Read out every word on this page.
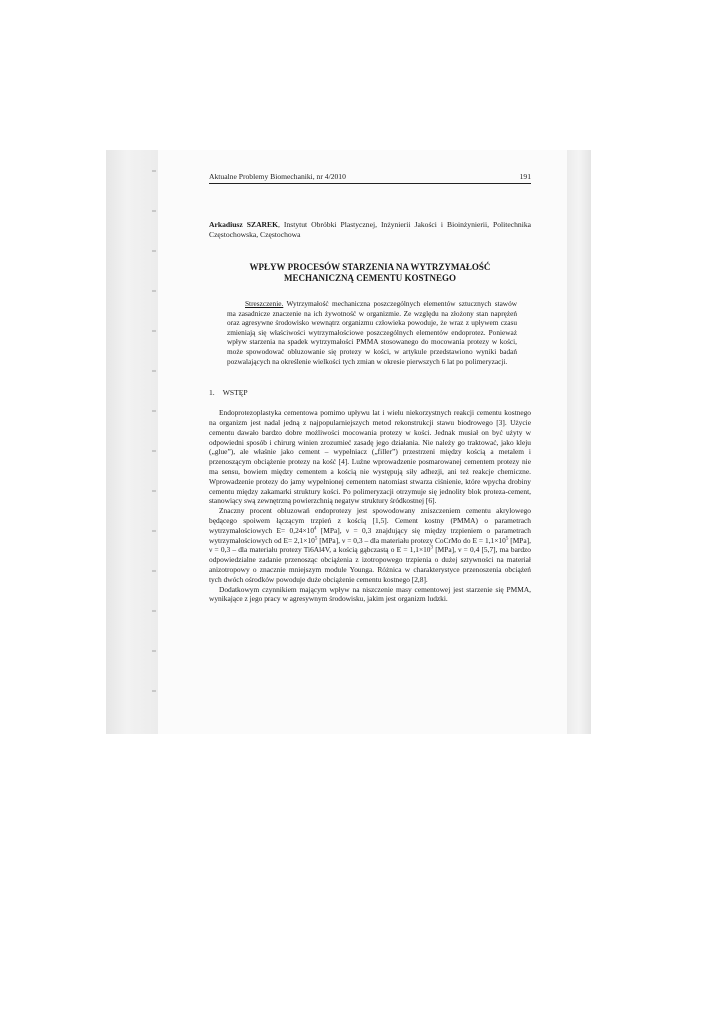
Aktualne Problemy Biomechaniki, nr 4/2010	191
Arkadiusz SZAREK, Instytut Obróbki Plastycznej, Inżynierii Jakości i Bioinżynierii, Politechnika Częstochowska, Częstochowa
WPŁYW PROCESÓW STARZENIA NA WYTRZYMAŁOŚĆ
MECHANICZNĄ CEMENTU KOSTNEGO
Streszczenie. Wytrzymałość mechaniczna poszczególnych elementów sztucznych stawów ma zasadnicze znaczenie na ich żywotność w organizmie. Ze względu na złożony stan naprężeń oraz agresywne środowisko wewnątrz organizmu człowieka powoduje, że wraz z upływem czasu zmieniają się właściwości wytrzymałościowe poszczególnych elementów endoprotez. Ponieważ wpływ starzenia na spadek wytrzymałości PMMA stosowanego do mocowania protezy w kości, może spowodować obluzowanie się protezy w kości, w artykule przedstawiono wyniki badań pozwalających na określenie wielkości tych zmian w okresie pierwszych 6 lat po polimeryzacji.
1. WSTĘP

Endoprotezoplastyka cementowa pomimo upływu lat i wielu niekorzystnych reakcji cementu kostnego na organizm jest nadal jedną z najpopularniejszych metod rekonstrukcji stawu biodrowego [3]. Użycie cementu dawało bardzo dobre możliwości mocowania protezy w kości. Jednak musiał on być użyty w odpowiedni sposób i chirurg winien zrozumieć zasadę jego działania. Nie należy go traktować, jako kleju („glue”), ale właśnie jako cement – wypełniacz („filler”) przestrzeni między kością a metalem i przenoszącym obciążenie protezy na kość [4]. Luźne wprowadzenie posmarowanej cementem protezy nie ma sensu, bowiem między cementem a kością nie występują siły adhezji, ani też reakcje chemiczne. Wprowadzenie protezy do jamy wypełnionej cementem natomiast stwarza ciśnienie, które wpycha drobiny cementu między zakamarki struktury kości. Po polimeryzacji otrzymuje się jednolity blok proteza-cement, stanowiący swą zewnętrzną powierzchnią negatyw struktury śródkostnej [6].

Znaczny procent obluzowań endoprotezy jest spowodowany zniszczeniem cementu akrylowego będącego spoiwem łączącym trzpień z kością [1,5]. Cement kostny (PMMA) o parametrach wytrzymałościowych $E= 0,24\times 10^4$ [MPa], ν = 0,3 znajdujący się między trzpieniem o parametrach wytrzymałościowych od $E= 2,1\times 10^5$ [MPa], ν = 0,3 – dla materiału protezy CoCrMo do $E = 1,1\times 10^5$ [MPa], ν = 0,3 – dla materiału protezy Ti6Al4V, a kością gąbczastą o $E = 1,1\times 10^3$ [MPa], ν = 0,4 [5,7], ma bardzo odpowiedzialne zadanie przenosząc obciążenia z izotropowego trzpienia o dużej sztywności na materiał anizotropowy o znacznie mniejszym module Younga. Różnica w charakterystyce przenoszenia obciążeń tych dwóch ośrodków powoduje duże obciążenie cementu kostnego [2,8].

Dodatkowym czynnikiem mającym wpływ na niszczenie masy cementowej jest starzenie się PMMA, wynikające z jego pracy w agresywnym środowisku, jakim jest organizm ludzki.
